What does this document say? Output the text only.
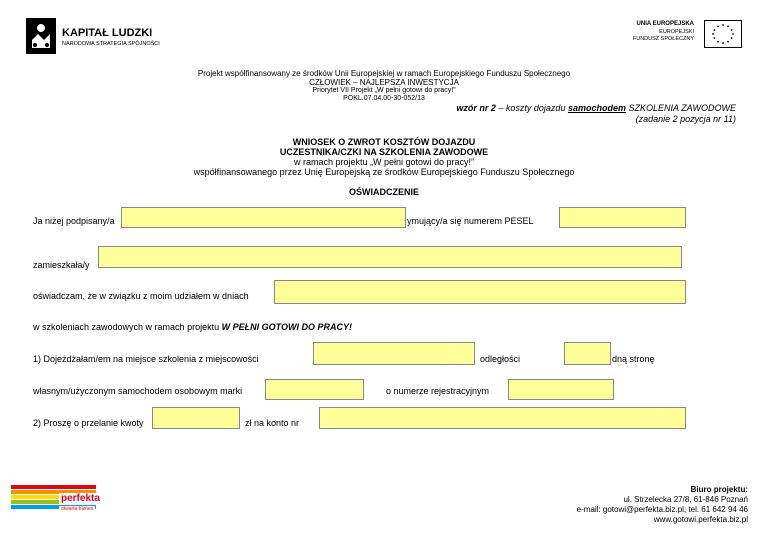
KAPITAŁ LUDZKI
NARODOWA STRATEGIA SPÓJNOŚCI
UNIA EUROPEJSKA
EUROPEJSKI
FUNDUSZ SPOŁECZNY
Projekt współfinansowany ze środków Unii Europejskiej w ramach Europejskiego Funduszu Społecznego
CZŁOWIEK – NAJLEPSZA INWESTYCJA
Priorytet VII Projekt „W pełni gotowi do pracy!”
POKL.07.04.00-30-052/13
wzór nr 2 – koszty dojazdu samochodem SZKOLENIA ZAWODOWE
(zadanie 2 pozycja nr 11)
WNIOSEK O ZWROT KOSZTÓW DOJAZDU
UCZESTNIKA/CZKI NA SZKOLENIA ZAWODOWE
w ramach projektu „W pełni gotowi do pracy!”
współfinansowanego przez Unię Europejską ze środków Europejskiego Funduszu Społecznego
OŚWIADCZENIE
Ja niżej podpisany/a	ymujący/a się numerem PESEL
zamieszkała/y
oświadczam, że w związku z moim udziałem w dniach
w szkoleniach zawodowych w ramach projektu W PEŁNI GOTOWI DO PRACY!
1) Dojeżdżałam/em na miejsce szkolenia z miejscowości	odległości	dną stronę
własnym/użyczonym samochodem osobowym marki	o numerze rejestracyjnym
2) Proszę o przelanie kwoty	zł na konto nr
perfekta
otwarta biznes
Biuro projektu:
ul. Strzelecka 27/8, 61-846 Poznań
e-mail: gotowi@perfekta.biz.pl; tel. 61 642 94 46
www.gotowi.perfekta.biz.pl
